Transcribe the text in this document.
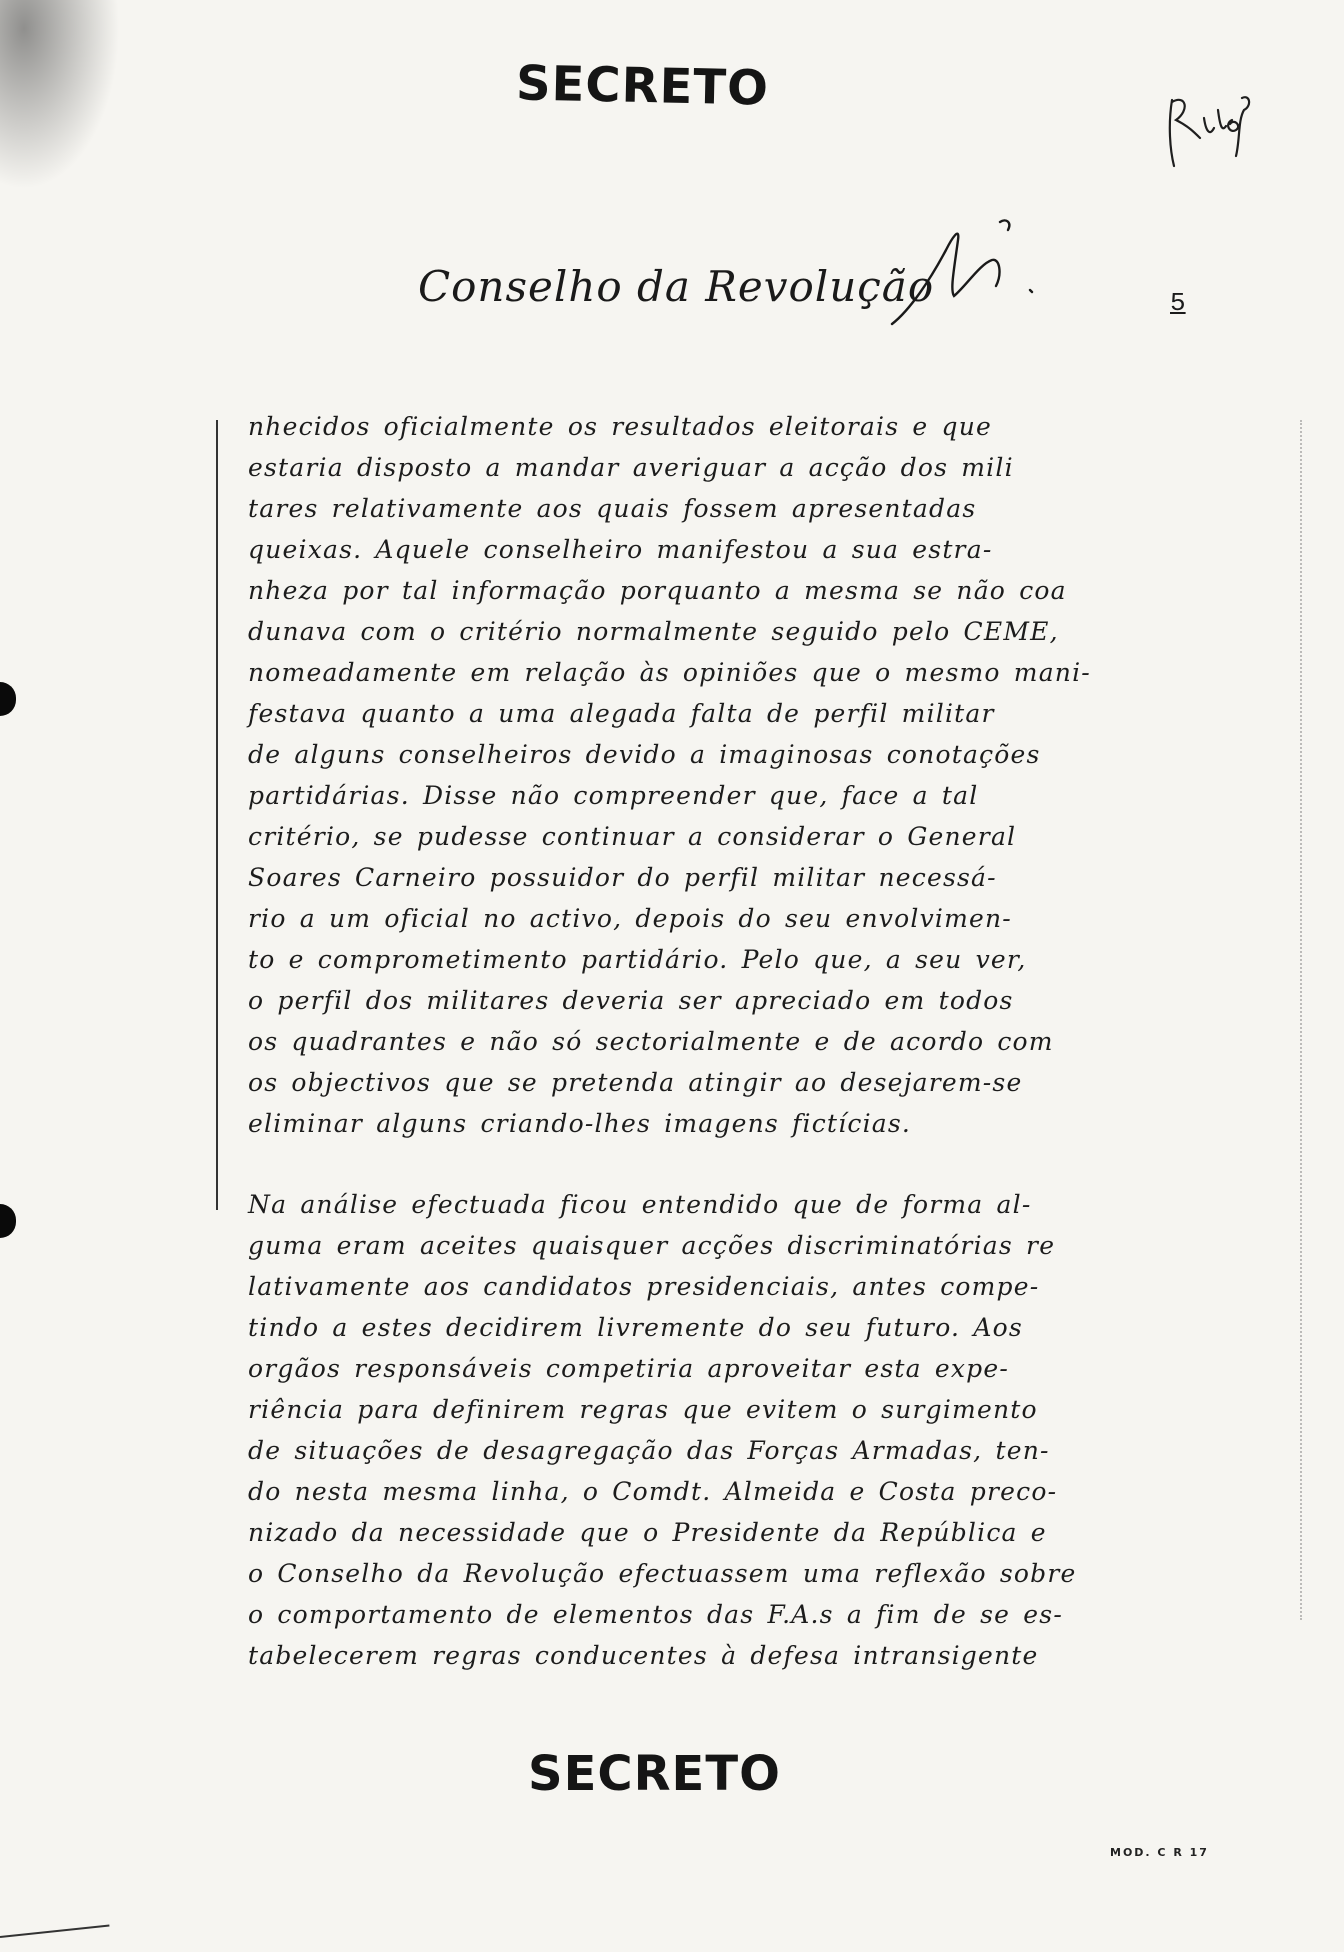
SECRETO
Conselho da Revolução	5
nhecidos oficialmente os resultados eleitorais e que
estaria disposto a mandar averiguar a acção dos mili
tares relativamente aos quais fossem apresentadas
queixas. Aquele conselheiro manifestou a sua estra-
nheza por tal informação porquanto a mesma se não coa
dunava com o critério normalmente seguido pelo CEME,
nomeadamente em relação às opiniões que o mesmo mani-
festava quanto a uma alegada falta de perfil militar
de alguns conselheiros devido a imaginosas conotações
partidárias. Disse não compreender que, face a tal
critério, se pudesse continuar a considerar o General
Soares Carneiro possuidor do perfil militar necessá-
rio a um oficial no activo, depois do seu envolvimen-
to e comprometimento partidário. Pelo que, a seu ver,
o perfil dos militares deveria ser apreciado em todos
os quadrantes e não só sectorialmente e de acordo com
os objectivos que se pretenda atingir ao desejarem-se
eliminar alguns criando-lhes imagens fictícias.
Na análise efectuada ficou entendido que de forma al-
guma eram aceites quaisquer acções discriminatórias re
lativamente aos candidatos presidenciais, antes compe-
tindo a estes decidirem livremente do seu futuro. Aos
orgãos responsáveis competiria aproveitar esta expe-
riência para definirem regras que evitem o surgimento
de situações de desagregação das Forças Armadas, ten-
do nesta mesma linha, o Comdt. Almeida e Costa preco-
nizado da necessidade que o Presidente da República e
o Conselho da Revolução efectuassem uma reflexão sobre
o comportamento de elementos das F.A.s a fim de se es-
tabelecerem regras conducentes à defesa intransigente
SECRETO
MOD. C R 17
